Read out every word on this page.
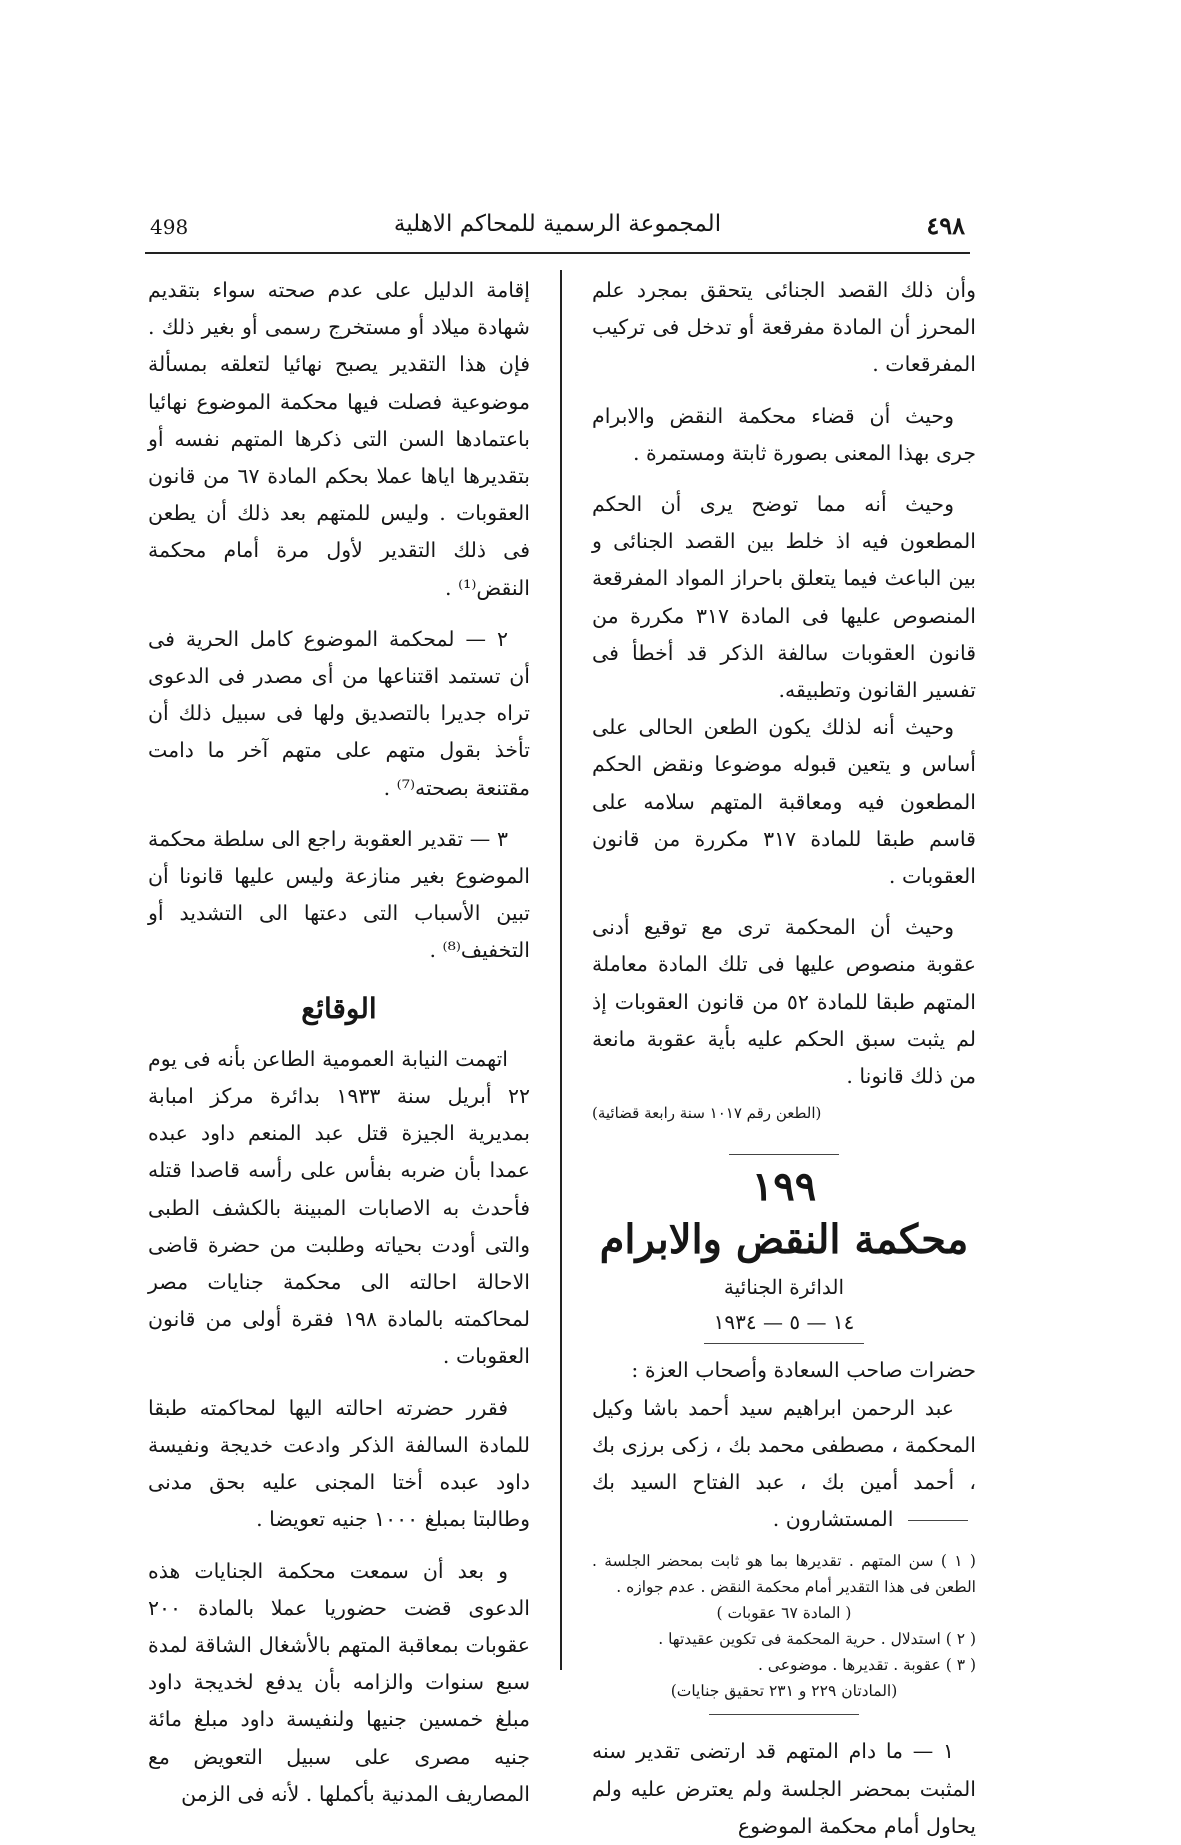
498	المجموعة الرسمية للمحاكم الاهلية	٤٩٨

وأن ذلك القصد الجنائى يتحقق بمجرد علم المحرز أن المادة مفرقعة أو تدخل فى تركيب المفرقعات .

وحيث أن قضاء محكمة النقض والابرام جرى بهذا المعنى بصورة ثابتة ومستمرة .

وحيث أنه مما توضح يرى أن الحكم المطعون فيه اذ خلط بين القصد الجنائى و بين الباعث فيما يتعلق باحراز المواد المفرقعة المنصوص عليها فى المادة ٣١٧ مكررة من قانون العقوبات سالفة الذكر قد أخطأ فى تفسير القانون وتطبيقه.

وحيث أنه لذلك يكون الطعن الحالى على أساس و يتعين قبوله موضوعا ونقض الحكم المطعون فيه ومعاقبة المتهم سلامه على قاسم طبقا للمادة ٣١٧ مكررة من قانون العقوبات .

وحيث أن المحكمة ترى مع توقيع أدنى عقوبة منصوص عليها فى تلك المادة معاملة المتهم طبقا للمادة ٥٢ من قانون العقوبات إذ لم يثبت سبق الحكم عليه بأية عقوبة مانعة من ذلك قانونا .

(الطعن رقم ١٠١٧ سنة رابعة قضائية)
١٩٩
محكمة النقض والابرام
الدائرة الجنائية
١٤ — ٥ — ١٩٣٤

حضرات صاحب السعادة وأصحاب العزة :

عبد الرحمن ابراهيم سيد أحمد باشا وكيل المحكمة ، مصطفى محمد بك ، زكى برزى بك ، أحمد أمين بك ، عبد الفتاح السيد بك  المستشارون .

( ١ ) سن المتهم . تقديرها بما هو ثابت بمحضر الجلسة . الطعن فى هذا التقدير أمام محكمة النقض . عدم جوازه .

( المادة ٦٧ عقوبات )

( ٢ ) استدلال . حرية المحكمة فى تكوين عقيدتها .

( ٣ ) عقوبة . تقديرها . موضوعى .

(المادتان ٢٢٩ و ٢٣١ تحقيق جنايات)

١ — ما دام المتهم قد ارتضى تقدير سنه المثبت بمحضر الجلسة ولم يعترض عليه ولم يحاول أمام محكمة الموضوع

إقامة الدليل على عدم صحته سواء بتقديم شهادة ميلاد أو مستخرج رسمى أو بغير ذلك . فإن هذا التقدير يصبح نهائيا لتعلقه بمسألة موضوعية فصلت فيها محكمة الموضوع نهائيا باعتمادها السن التى ذكرها المتهم نفسه أو بتقديرها اياها عملا بحكم المادة ٦٧ من قانون العقوبات . وليس للمتهم بعد ذلك أن يطعن فى ذلك التقدير لأول مرة أمام محكمة النقض⁽¹⁾ .

٢ — لمحكمة الموضوع كامل الحرية فى أن تستمد اقتناعها من أى مصدر فى الدعوى تراه جديرا بالتصديق ولها فى سبيل ذلك أن تأخذ بقول متهم على متهم آخر ما دامت مقتنعة بصحته⁽⁷⁾ .

٣ — تقدير العقوبة راجع الى سلطة محكمة الموضوع بغير منازعة وليس عليها قانونا أن تبين الأسباب التى دعتها الى التشديد أو التخفيف⁽⁸⁾ .

الوقائع

اتهمت النيابة العمومية الطاعن بأنه فى يوم ٢٢ أبريل سنة ١٩٣٣ بدائرة مركز امبابة بمديرية الجيزة قتل عبد المنعم داود عبده عمدا بأن ضربه بفأس على رأسه قاصدا قتله فأحدث به الاصابات المبينة بالكشف الطبى والتى أودت بحياته وطلبت من حضرة قاضى الاحالة احالته الى محكمة جنايات مصر لمحاكمته بالمادة ١٩٨ فقرة أولى من قانون العقوبات .

فقرر حضرته احالته اليها لمحاكمته طبقا للمادة السالفة الذكر وادعت خديجة ونفيسة داود عبده أختا المجنى عليه بحق مدنى وطالبتا بمبلغ ١٠٠٠ جنيه تعويضا .

و بعد أن سمعت محكمة الجنايات هذه الدعوى قضت حضوريا عملا بالمادة ٢٠٠ عقوبات بمعاقبة المتهم بالأشغال الشاقة لمدة سبع سنوات والزامه بأن يدفع لخديجة داود مبلغ خمسين جنيها ولنفيسة داود مبلغ مائة جنيه مصرى على سبيل التعويض مع المصاريف المدنية بأكملها . لأنه فى الزمن
